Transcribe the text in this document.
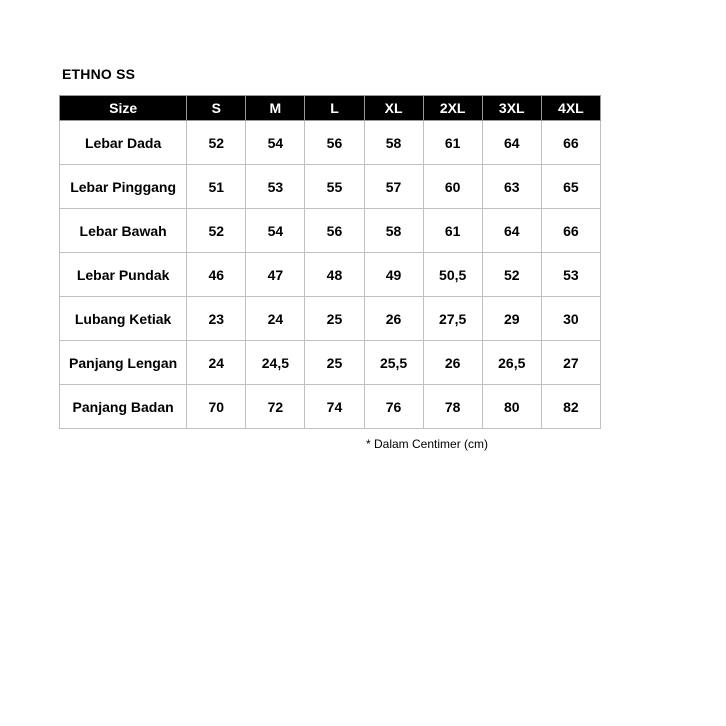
ETHNO SS
Size	S	M	L	XL	2XL	3XL	4XL
Lebar Dada	52	54	56	58	61	64	66
Lebar Pinggang	51	53	55	57	60	63	65
Lebar Bawah	52	54	56	58	61	64	66
Lebar Pundak	46	47	48	49	50,5	52	53
Lubang Ketiak	23	24	25	26	27,5	29	30
Panjang Lengan	24	24,5	25	25,5	26	26,5	27
Panjang Badan	70	72	74	76	78	80	82
* Dalam Centimer (cm)
